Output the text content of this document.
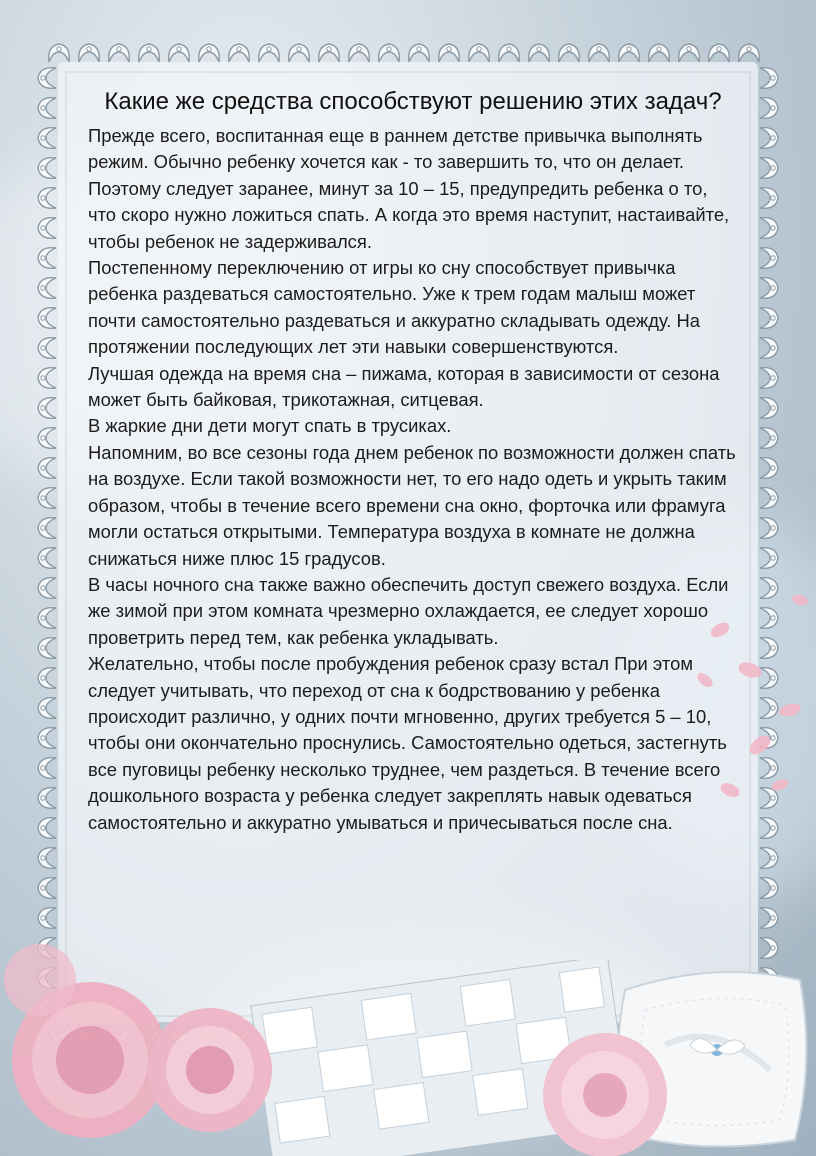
Какие же средства способствуют решению этих задач?

Прежде всего, воспитанная еще в раннем детстве привычка выполнять режим. Обычно ребенку хочется как - то завершить то, что он делает. Поэтому следует заранее, минут за 10 – 15, предупредить ребенка о то, что скоро нужно ложиться спать. А когда это время наступит, настаивайте, чтобы ребенок не задерживался.

Постепенному переключению от игры ко сну способствует привычка ребенка раздеваться самостоятельно. Уже к трем годам малыш может почти самостоятельно раздеваться и аккуратно складывать одежду. На протяжении последующих лет эти навыки совершенствуются.

Лучшая одежда на время сна – пижама, которая в зависимости от сезона может быть байковая, трикотажная, ситцевая.

В жаркие дни дети могут спать в трусиках.

Напомним, во все сезоны года днем ребенок по возможности должен спать на воздухе. Если такой возможности нет, то его надо одеть и укрыть таким образом, чтобы в течение всего времени сна окно, форточка или фрамуга могли остаться открытыми. Температура воздуха в комнате не должна снижаться ниже плюс 15 градусов.

В часы ночного сна также важно обеспечить доступ свежего воздуха. Если же зимой при этом комната чрезмерно охлаждается, ее следует хорошо проветрить перед тем, как ребенка укладывать.

Желательно, чтобы после пробуждения ребенок сразу встал При этом следует учитывать, что переход от сна к бодрствованию у ребенка происходит различно, у одних почти мгновенно, других требуется 5 – 10, чтобы они окончательно проснулись. Самостоятельно одеться, застегнуть все пуговицы ребенку несколько труднее, чем раздеться. В течение всего дошкольного возраста у ребенка следует закреплять навык одеваться самостоятельно и аккуратно умываться и причесываться после сна.
